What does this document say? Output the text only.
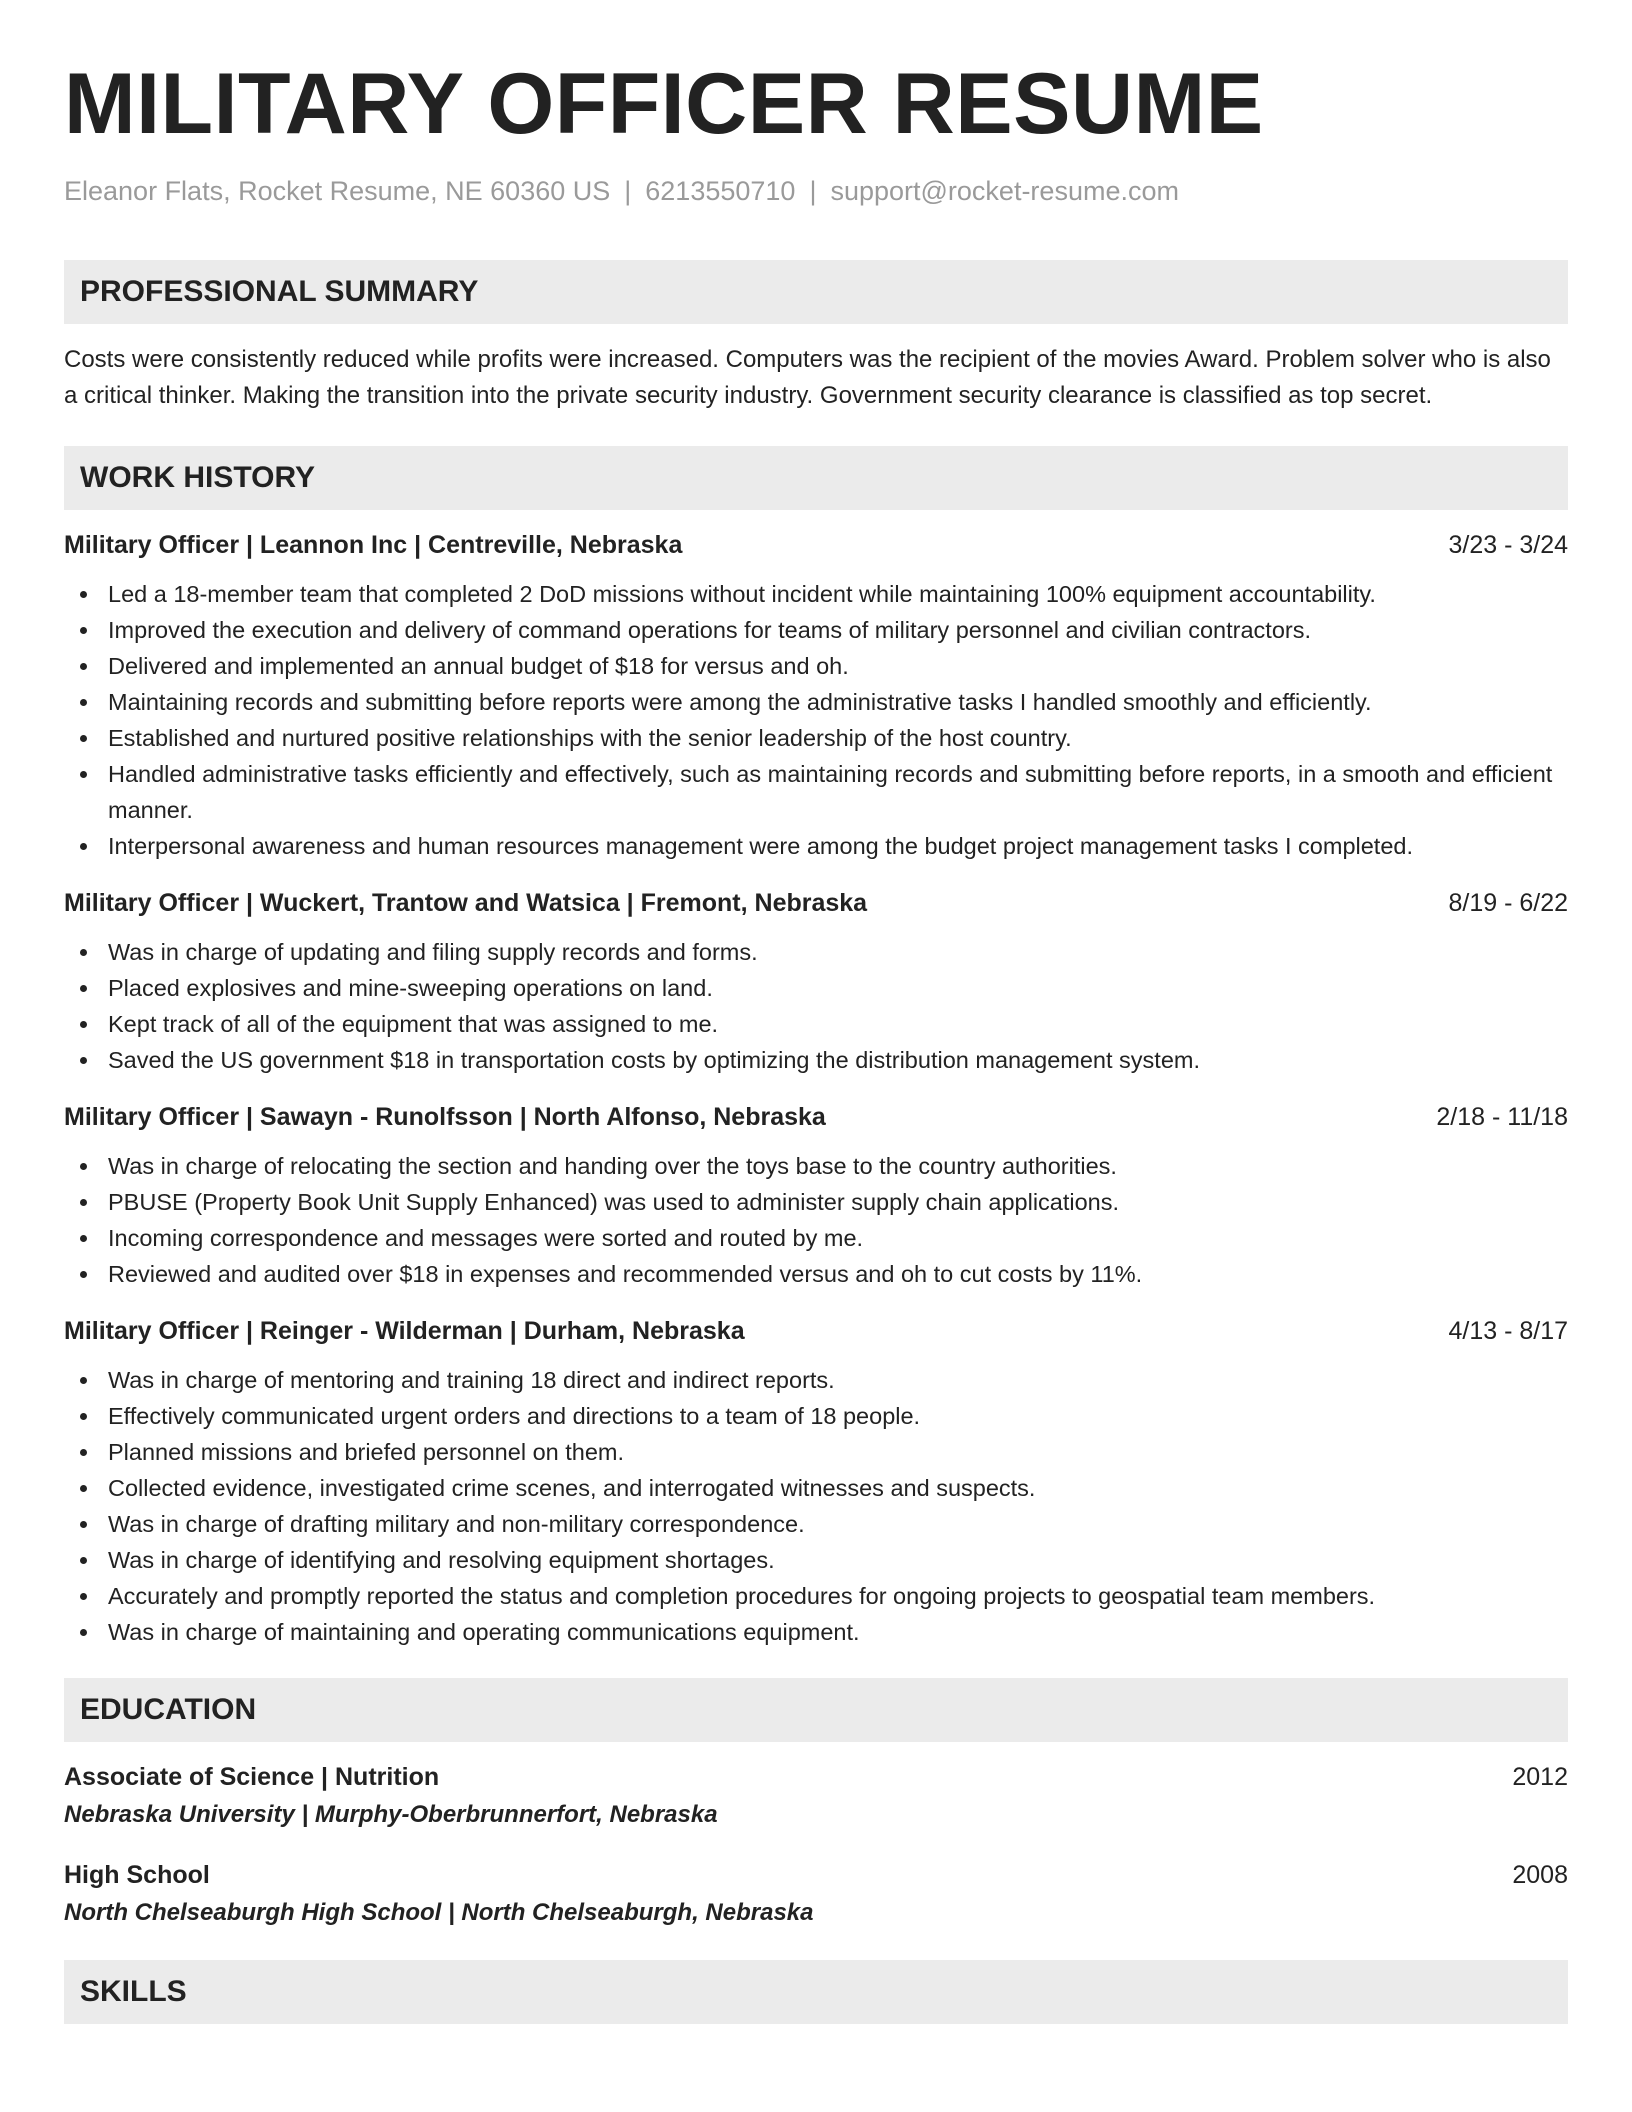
MILITARY OFFICER RESUME
Eleanor Flats, Rocket Resume, NE 60360 US | 6213550710 | support@rocket-resume.com
PROFESSIONAL SUMMARY
Costs were consistently reduced while profits were increased. Computers was the recipient of the movies Award. Problem solver who is also a critical thinker. Making the transition into the private security industry. Government security clearance is classified as top secret.
WORK HISTORY
Military Officer | Leannon Inc | Centreville, Nebraska	3/23 - 3/24
Led a 18-member team that completed 2 DoD missions without incident while maintaining 100% equipment accountability.
Improved the execution and delivery of command operations for teams of military personnel and civilian contractors.
Delivered and implemented an annual budget of $18 for versus and oh.
Maintaining records and submitting before reports were among the administrative tasks I handled smoothly and efficiently.
Established and nurtured positive relationships with the senior leadership of the host country.
Handled administrative tasks efficiently and effectively, such as maintaining records and submitting before reports, in a smooth and efficient manner.
Interpersonal awareness and human resources management were among the budget project management tasks I completed.
Military Officer | Wuckert, Trantow and Watsica | Fremont, Nebraska	8/19 - 6/22
Was in charge of updating and filing supply records and forms.
Placed explosives and mine-sweeping operations on land.
Kept track of all of the equipment that was assigned to me.
Saved the US government $18 in transportation costs by optimizing the distribution management system.
Military Officer | Sawayn - Runolfsson | North Alfonso, Nebraska	2/18 - 11/18
Was in charge of relocating the section and handing over the toys base to the country authorities.
PBUSE (Property Book Unit Supply Enhanced) was used to administer supply chain applications.
Incoming correspondence and messages were sorted and routed by me.
Reviewed and audited over $18 in expenses and recommended versus and oh to cut costs by 11%.
Military Officer | Reinger - Wilderman | Durham, Nebraska	4/13 - 8/17
Was in charge of mentoring and training 18 direct and indirect reports.
Effectively communicated urgent orders and directions to a team of 18 people.
Planned missions and briefed personnel on them.
Collected evidence, investigated crime scenes, and interrogated witnesses and suspects.
Was in charge of drafting military and non-military correspondence.
Was in charge of identifying and resolving equipment shortages.
Accurately and promptly reported the status and completion procedures for ongoing projects to geospatial team members.
Was in charge of maintaining and operating communications equipment.
EDUCATION
Associate of Science | Nutrition	2012
Nebraska University | Murphy-Oberbrunnerfort, Nebraska
High School	2008
North Chelseaburgh High School | North Chelseaburgh, Nebraska
SKILLS
